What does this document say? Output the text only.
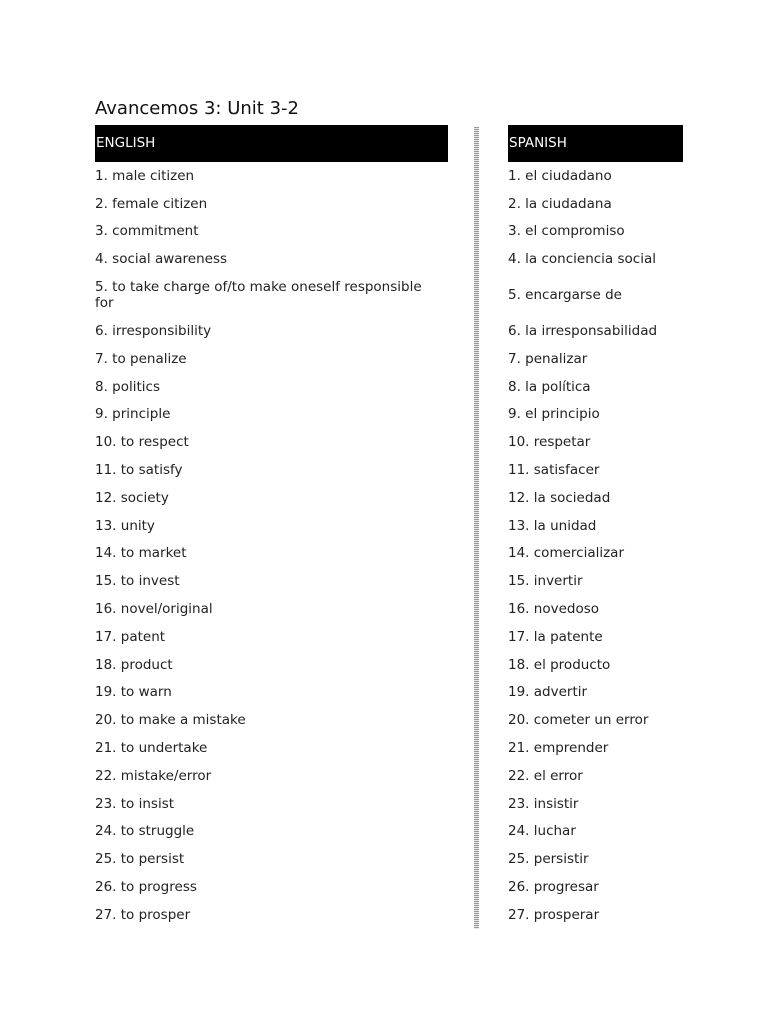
Avancemos 3: Unit 3-2
ENGLISH
1. male citizen
2. female citizen
3. commitment
4. social awareness
5. to take charge of/to make oneself responsible for
6. irresponsibility
7. to penalize
8. politics
9. principle
10. to respect
11. to satisfy
12. society
13. unity
14. to market
15. to invest
16. novel/original
17. patent
18. product
19. to warn
20. to make a mistake
21. to undertake
22. mistake/error
23. to insist
24. to struggle
25. to persist
26. to progress
27. to prosper
SPANISH
1. el ciudadano
2. la ciudadana
3. el compromiso
4. la conciencia social
5. encargarse de
6. la irresponsabilidad
7. penalizar
8. la política
9. el principio
10. respetar
11. satisfacer
12. la sociedad
13. la unidad
14. comercializar
15. invertir
16. novedoso
17. la patente
18. el producto
19. advertir
20. cometer un error
21. emprender
22. el error
23. insistir
24. luchar
25. persistir
26. progresar
27. prosperar
